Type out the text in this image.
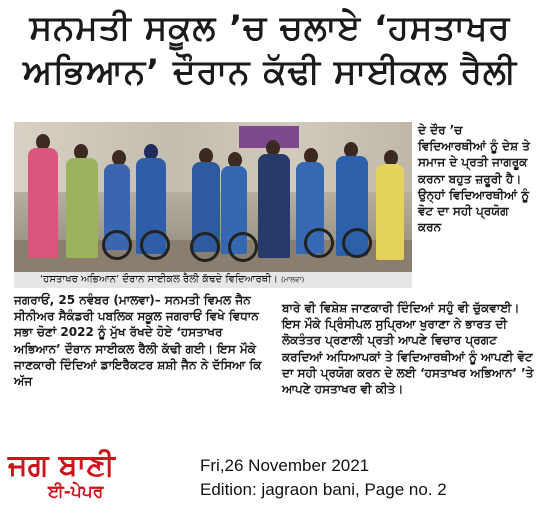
ਸਨਮਤੀ ਸਕੂਲ ’ਚ ਚਲਾਏ ‘ਹਸਤਾਖਰ
ਅਭਿਆਨ’ ਦੌਰਾਨ ਕੱਢੀ ਸਾਈਕਲ ਰੈਲੀ
‘ਹਸਤਾਖਰ ਅਭਿਆਨ’ ਦੌਰਾਨ ਸਾਈਕਲ ਰੈਲੀ ਕੱਢਦੇ ਵਿਦਿਆਰਥੀ। (ਮਾਲਵਾ)

ਦੇ ਦੌਰ ’ਚ ਵਿਦਿਆਰਥੀਆਂ ਨੂੰ ਦੇਸ਼ ਤੇ ਸਮਾਜ ਦੇ ਪ੍ਰਤੀ ਜਾਗਰੂਕ ਕਰਨਾ ਬਹੁਤ ਜ਼ਰੂਰੀ ਹੈ। ਉਨ੍ਹਾਂ ਵਿਦਿਆਰਥੀਆਂ ਨੂੰ ਵੋਟ ਦਾ ਸਹੀ ਪ੍ਰਯੋਗ ਕਰਨ

ਜਗਰਾਓਂ, 25 ਨਵੰਬਰ (ਮਾਲਵਾ)– ਸਨਮਤੀ ਵਿਮਲ ਜੈਨ ਸੀਨੀਅਰ ਸੈਕੰਡਰੀ ਪਬਲਿਕ ਸਕੂਲ ਜਗਰਾਓਂ ਵਿਖੇ ਵਿਧਾਨ ਸਭਾ ਚੋਣਾਂ 2022 ਨੂੰ ਮੁੱਖ ਰੱਖਦੇ ਹੋਏ ‘ਹਸਤਾਖਰ ਅਭਿਆਨ’ ਦੌਰਾਨ ਸਾਈਕਲ ਰੈਲੀ ਕੱਢੀ ਗਈ। ਇਸ ਮੌਕੇ ਜਾਣਕਾਰੀ ਦਿੰਦਿਆਂ ਡਾਇਰੈਕਟਰ ਸ਼ਸ਼ੀ ਜੈਨ ਨੇ ਦੱਸਿਆ ਕਿ ਅੱਜ

ਬਾਰੇ ਵੀ ਵਿਸ਼ੇਸ਼ ਜਾਣਕਾਰੀ ਦਿੰਦਿਆਂ ਸਹੁੰ ਵੀ ਚੁੱਕਵਾਈ। ਇਸ ਮੌਕੇ ਪ੍ਰਿੰਸੀਪਲ ਸੁਪ੍ਰਿਆ ਖੁਰਾਣਾ ਨੇ ਭਾਰਤ ਦੀ ਲੋਕਤੰਤਰ ਪ੍ਰਣਾਲੀ ਪ੍ਰਤੀ ਆਪਣੇ ਵਿਚਾਰ ਪ੍ਰਗਟ ਕਰਦਿਆਂ ਅਧਿਆਪਕਾਂ ਤੇ ਵਿਦਿਆਰਥੀਆਂ ਨੂੰ ਆਪਣੀ ਵੋਟ ਦਾ ਸਹੀ ਪ੍ਰਯੋਗ ਕਰਨ ਦੇ ਲਈ ‘ਹਸਤਾਖਰ ਅਭਿਆਨ’ ’ਤੇ ਆਪਣੇ ਹਸਤਾਖਰ ਵੀ ਕੀਤੇ।

ਜਗ ਬਾਣੀ
ਈ-ਪੇਪਰ
Fri,26 November 2021
Edition: jagraon bani, Page no. 2
